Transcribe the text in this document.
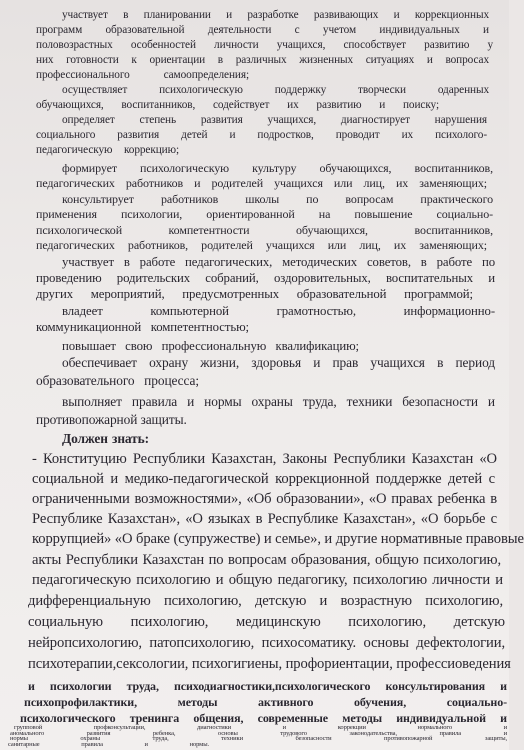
участвует в планировании и разработке развивающих и коррекционных
программ образовательной деятельности с учетом индивидуальных и
половозрастных особенностей личности учащихся, способствует развитию у
них готовности к ориентации в различных жизненных ситуациях и вопросах
профессионального самоопределения;
осуществляет психологическую поддержку творчески одаренных
обучающихся, воспитанников, содействует их развитию и поиску;
определяет степень развития учащихся, диагностирует нарушения
социального развития детей и подростков, проводит их психолого-
педагогическую коррекцию;
формирует психологическую культуру обучающихся, воспитанников,
педагогических работников и родителей учащихся или лиц, их заменяющих;
консультирует работников школы по вопросам практического
применения психологии, ориентированной на повышение социально-
психологической компетентности обучающихся, воспитанников,
педагогических работников, родителей учащихся или лиц, их заменяющих;
участвует в работе педагогических, методических советов, в работе по
проведению родительских собраний, оздоровительных, воспитательных и
других мероприятий, предусмотренных образовательной программой;
владеет компьютерной грамотностью, информационно-
коммуникационной компетентностью;
повышает свою профессиональную квалификацию;
обеспечивает охрану жизни, здоровья и прав учащихся в период
образовательного процесса;
выполняет правила и нормы охраны труда, техники безопасности и
противопожарной защиты.
Должен знать:
- Конституцию Республики Казахстан, Законы Республики Казахстан «О
социальной и медико-педагогической коррекционной поддержке детей с
ограниченными возможностями», «Об образовании», «О правах ребенка в
Республике Казахстан», «О языках в Республике Казахстан», «О борьбе с
коррупцией» «О браке (супружестве) и семье», и другие нормативные правовые
акты Республики Казахстан по вопросам образования, общую психологию,
педагогическую психологию и общую педагогику, психологию личности и
дифференциальную психологию, детскую и возрастную психологию,
социальную психологию, медицинскую психологию, детскую
нейропсихологию, патопсихологию, психосоматику. основы дефектологии,
психотерапии,сексологии, психогигиены, профориентации, профессиоведения
и психологии труда, психодиагностики,психологического консультирования и
психопрофилактики, методы активного обучения, социально-
психологического тренинга общения, современные методы индивидуальной и
групповой профконсультации, диагностики и коррекции нормального и
аномального развития ребенка, основы трудового законодательства, правила и
нормы охраны труда, техники безопасности противопожарной защиты,
санитарные правила и нормы.
